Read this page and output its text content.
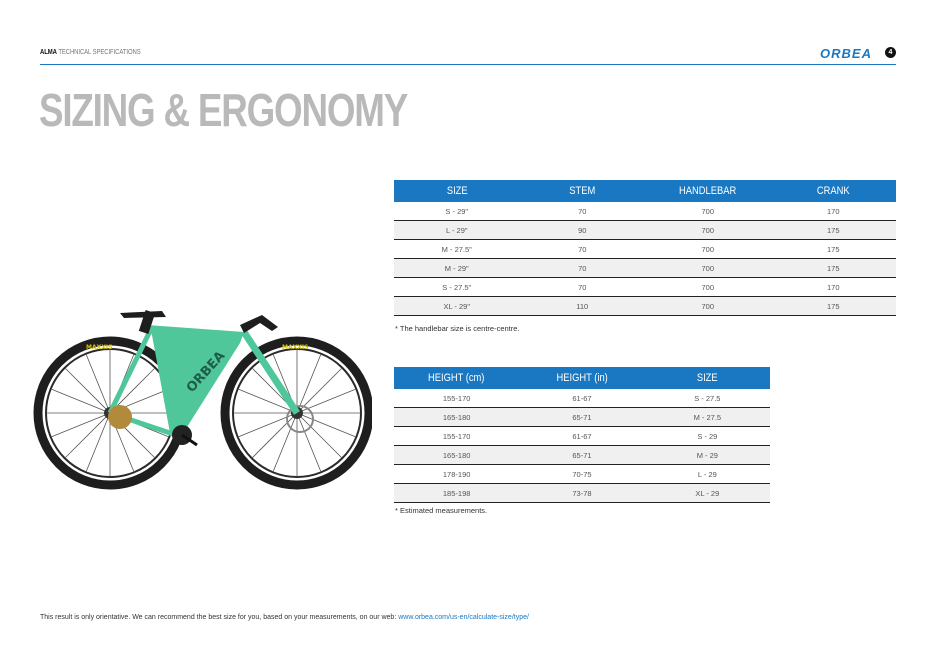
ALMA TECHNICAL SPECIFICATIONS	ORBEA	4
SIZING & ERGONOMY
MAXXIS	MAXXIS
ORBEA
SIZE	STEM	HANDLEBAR	CRANK
S - 29"	70	700	170
L - 29"	90	700	175
M - 27.5"	70	700	175
M - 29"	70	700	175
S - 27.5"	70	700	170
XL - 29"	110	700	175
* The handlebar size is centre-centre.
HEIGHT (cm)	HEIGHT (in)	SIZE
155-170	61-67	S - 27.5
165-180	65-71	M - 27.5
155-170	61-67	S - 29
165-180	65-71	M - 29
178-190	70-75	L - 29
185-198	73-78	XL - 29
* Estimated measurements.
This result is only orientative. We can recommend the best size for you, based on your measurements, on our web: www.orbea.com/us-en/calculate-size/type/
